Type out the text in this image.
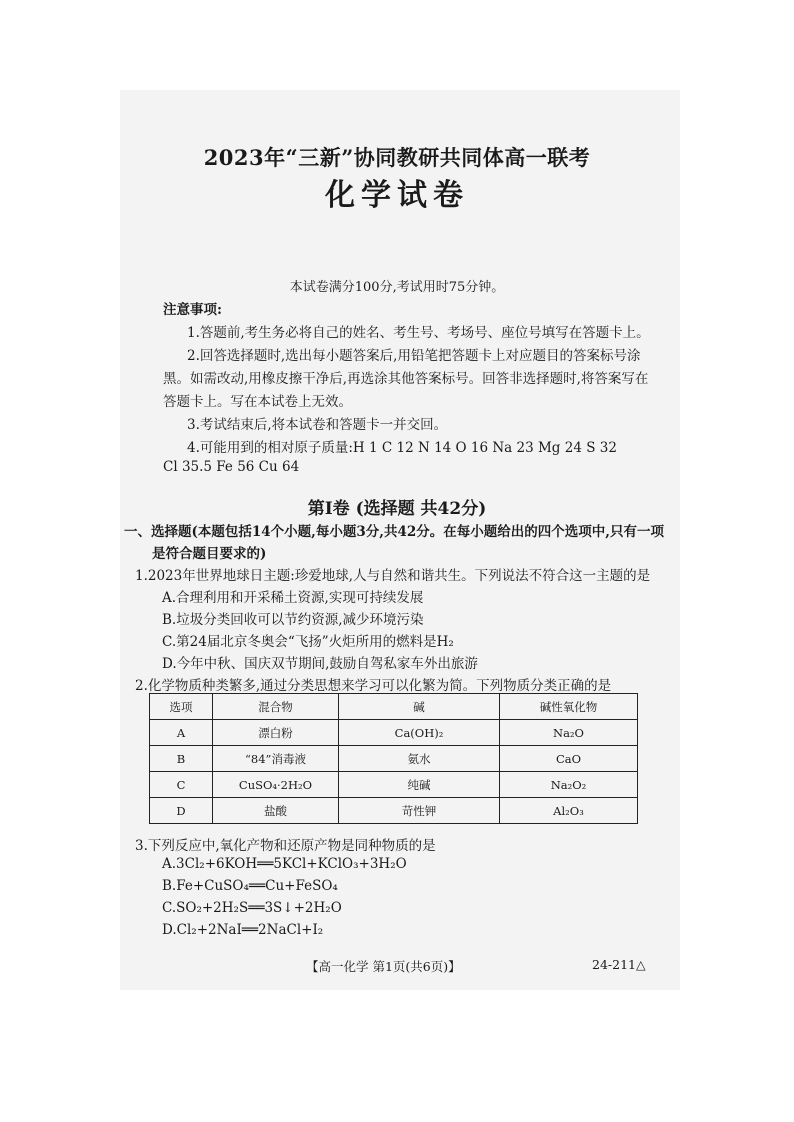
2023年“三新”协同教研共同体高一联考
化学试卷
本试卷满分100分,考试用时75分钟。
注意事项:
1.答题前,考生务必将自己的姓名、考生号、考场号、座位号填写在答题卡上。
2.回答选择题时,选出每小题答案后,用铅笔把答题卡上对应题目的答案标号涂
黑。如需改动,用橡皮擦干净后,再选涂其他答案标号。回答非选择题时,将答案写在
答题卡上。写在本试卷上无效。
3.考试结束后,将本试卷和答题卡一并交回。
4.可能用到的相对原子质量:H 1 C 12 N 14 O 16 Na 23 Mg 24 S 32
Cl 35.5 Fe 56 Cu 64
第Ⅰ卷 (选择题 共42分)
一、选择题(本题包括14个小题,每小题3分,共42分。在每小题给出的四个选项中,只有一项
是符合题目要求的)
1.2023年世界地球日主题:珍爱地球,人与自然和谐共生。下列说法不符合这一主题的是
A.合理利用和开采稀土资源,实现可持续发展
B.垃圾分类回收可以节约资源,减少环境污染
C.第24届北京冬奥会“飞扬”火炬所用的燃料是H₂
D.今年中秋、国庆双节期间,鼓励自驾私家车外出旅游
2.化学物质种类繁多,通过分类思想来学习可以化繁为简。下列物质分类正确的是
选项	混合物	碱	碱性氧化物
A	漂白粉	Ca(OH)₂	Na₂O
B	“84”消毒液	氨水	CaO
C	CuSO₄·2H₂O	纯碱	Na₂O₂
D	盐酸	苛性钾	Al₂O₃
3.下列反应中,氧化产物和还原产物是同种物质的是
A.3Cl₂+6KOH══5KCl+KClO₃+3H₂O
B.Fe+CuSO₄══Cu+FeSO₄
C.SO₂+2H₂S══3S↓+2H₂O
D.Cl₂+2NaI══2NaCl+I₂
【高一化学 第1页(共6页)】	24-211△
